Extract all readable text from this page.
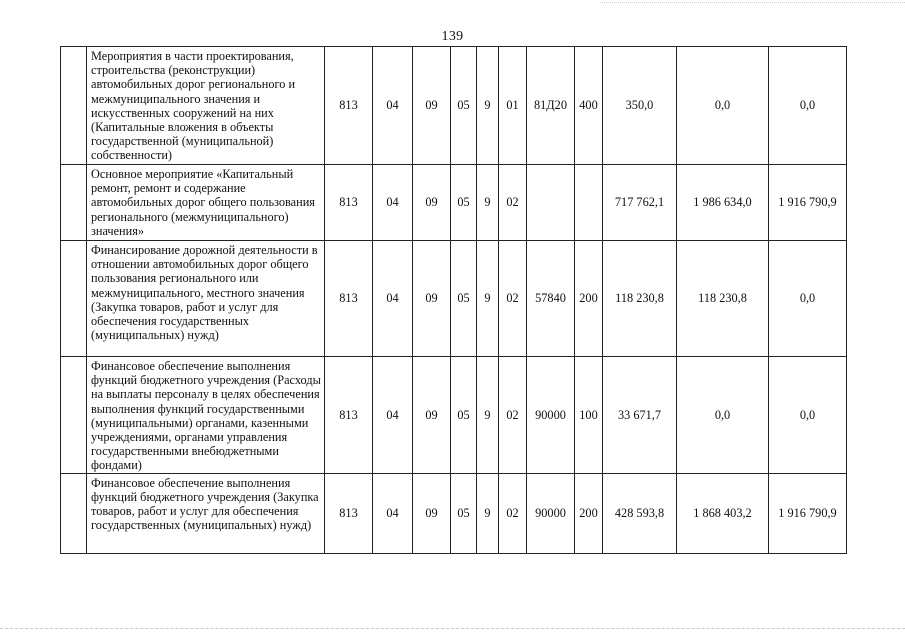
139
	Мероприятия в части проектирования, строительства (реконструкции) автомобильных дорог регионального и межмуниципального значения и искусственных сооружений на них (Капитальные вложения в объекты государственной (муниципальной) собственности)	813	04	09	05	9	01	81Д20	400	350,0	0,0	0,0
	Основное мероприятие «Капитальный ремонт, ремонт и содержание автомобильных дорог общего пользования регионального (межмуниципального) значения»	813	04	09	05	9	02			717 762,1	1 986 634,0	1 916 790,9
	Финансирование дорожной деятельности в отношении автомобильных дорог общего пользования регионального или межмуниципального, местного значения (Закупка товаров, работ и услуг для обеспечения государственных (муниципальных) нужд)	813	04	09	05	9	02	57840	200	118 230,8	118 230,8	0,0
	Финансовое обеспечение выполнения функций бюджетного учреждения (Расходы на выплаты персоналу в целях обеспечения выполнения функций государственными (муниципальными) органами, казенными учреждениями, органами управления государственными внебюджетными фондами)	813	04	09	05	9	02	90000	100	33 671,7	0,0	0,0
	Финансовое обеспечение выполнения функций бюджетного учреждения (Закупка товаров, работ и услуг для обеспечения государственных (муниципальных) нужд)	813	04	09	05	9	02	90000	200	428 593,8	1 868 403,2	1 916 790,9
